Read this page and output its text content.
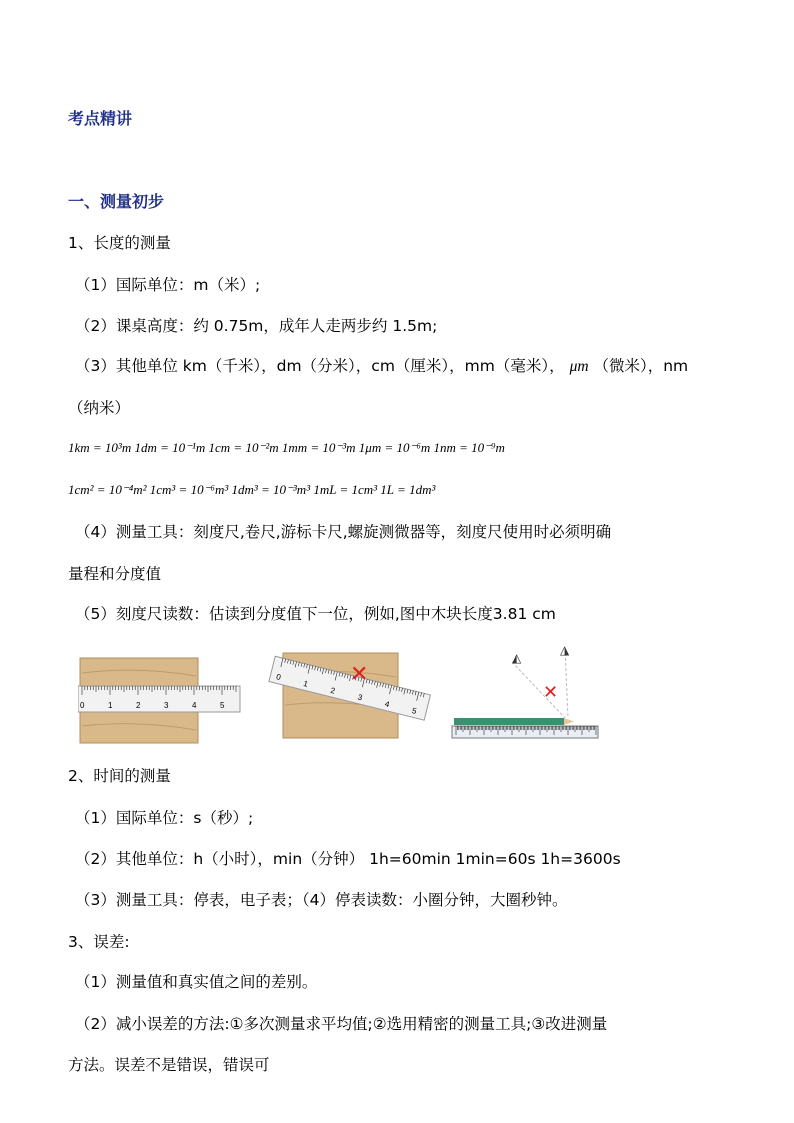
考点精讲
一、测量初步
1、长度的测量
（1）国际单位：m（米）;
（2）课桌高度：约 0.75m，成年人走两步约 1.5m;
（3）其他单位 km（千米），dm（分米），cm（厘米），mm（毫米）， μm （微米），nm
（纳米）
1km = 10³m 1dm = 10⁻¹m 1cm = 10⁻²m 1mm = 10⁻³m 1μm = 10⁻⁶m 1nm = 10⁻⁹m
1cm² = 10⁻⁴m² 1cm³ = 10⁻⁶m³ 1dm³ = 10⁻³m³ 1mL = 1cm³ 1L = 1dm³
（4）测量工具：刻度尺,卷尺,游标卡尺,螺旋测微器等，刻度尺使用时必须明确
量程和分度值
（5）刻度尺读数：估读到分度值下一位，例如,图中木块长度3.81 cm
0	1	2	3	4	5
0
1
2
3
4
5
✕
◭
◮
✕
2、时间的测量
（1）国际单位：s（秒）;
（2）其他单位：h（小时），min（分钟） 1h=60min 1min=60s 1h=3600s
（3）测量工具：停表，电子表；（4）停表读数：小圈分钟，大圈秒钟。
3、误差:
（1）测量值和真实值之间的差别。
（2）减小误差的方法:①多次测量求平均值;②选用精密的测量工具;③改进测量
方法。误差不是错误，错误可
